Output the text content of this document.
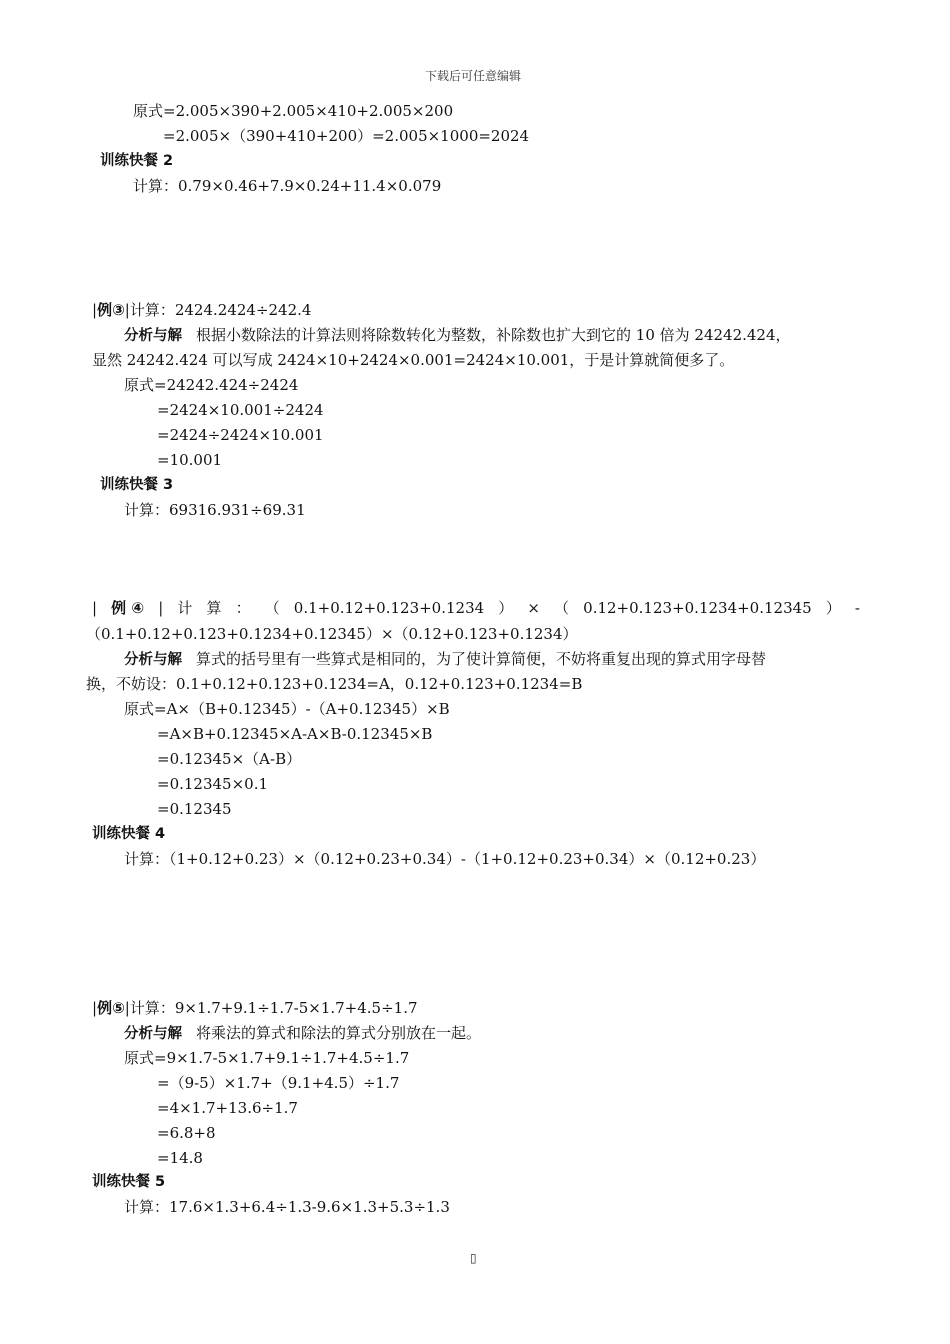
下载后可任意编辑
原式=2.005×390+2.005×410+2.005×200
=2.005×（390+410+200）=2.005×1000=2024
训练快餐 2
计算：0.79×0.46+7.9×0.24+11.4×0.079
|例③|计算：2424.2424÷242.4
分析与解 根据小数除法的计算法则将除数转化为整数，补除数也扩大到它的 10 倍为 24242.424，
显然 24242.424 可以写成 2424×10+2424×0.001=2424×10.001，于是计算就简便多了。
原式=24242.424÷2424
=2424×10.001÷2424
=2424÷2424×10.001
=10.001
训练快餐 3
计算：69316.931÷69.31
| 例 ④ | 计 算 ： （ 0.1+0.12+0.123+0.1234 ） × （ 0.12+0.123+0.1234+0.12345 ） -
（0.1+0.12+0.123+0.1234+0.12345）×（0.12+0.123+0.1234）
分析与解 算式的括号里有一些算式是相同的，为了使计算简便，不妨将重复出现的算式用字母替
换，不妨设：0.1+0.12+0.123+0.1234=A，0.12+0.123+0.1234=B
原式=A×（B+0.12345）-（A+0.12345）×B
=A×B+0.12345×A-A×B-0.12345×B
=0.12345×（A-B）
=0.12345×0.1
=0.12345
训练快餐 4
计算：（1+0.12+0.23）×（0.12+0.23+0.34）-（1+0.12+0.23+0.34）×（0.12+0.23）
|例⑤|计算：9×1.7+9.1÷1.7-5×1.7+4.5÷1.7
分析与解 将乘法的算式和除法的算式分别放在一起。
原式=9×1.7-5×1.7+9.1÷1.7+4.5÷1.7
=（9-5）×1.7+（9.1+4.5）÷1.7
=4×1.7+13.6÷1.7
=6.8+8
=14.8
训练快餐 5
计算：17.6×1.3+6.4÷1.3-9.6×1.3+5.3÷1.3
▯
